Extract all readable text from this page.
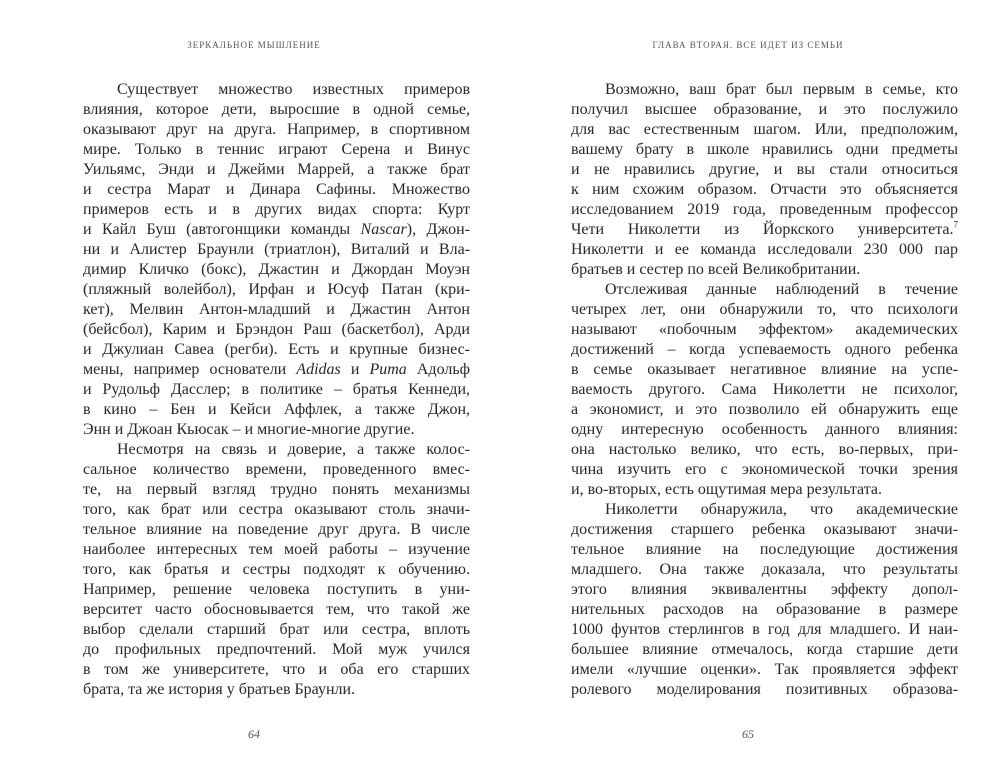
ЗЕРКАЛЬНОЕ МЫШЛЕНИЕ
Существует множество известных примеров
влияния, которое дети, выросшие в одной семье,
оказывают друг на друга. Например, в спортивном
мире. Только в теннис играют Серена и Винус
Уильямс, Энди и Джейми Маррей, а также брат
и сестра Марат и Динара Сафины. Множество
примеров есть и в других видах спорта: Курт
и Кайл Буш (автогонщики команды Nascar), Джон-
ни и Алистер Браунли (триатлон), Виталий и Вла-
димир Кличко (бокс), Джастин и Джордан Моуэн
(пляжный волейбол), Ирфан и Юсуф Патан (кри-
кет), Мелвин Антон-младший и Джастин Антон
(бейсбол), Карим и Брэндон Раш (баскетбол), Арди
и Джулиан Савеа (регби). Есть и крупные бизнес-
мены, например основатели Adidas и Puma Адольф
и Рудольф Дасслер; в политике – братья Кеннеди,
в кино – Бен и Кейси Аффлек, а также Джон,
Энн и Джоан Кьюсак – и многие-многие другие.
Несмотря на связь и доверие, а также колос-
сальное количество времени, проведенного вмес-
те, на первый взгляд трудно понять механизмы
того, как брат или сестра оказывают столь значи-
тельное влияние на поведение друг друга. В числе
наиболее интересных тем моей работы – изучение
того, как братья и сестры подходят к обучению.
Например, решение человека поступить в уни-
верситет часто обосновывается тем, что такой же
выбор сделали старший брат или сестра, вплоть
до профильных предпочтений. Мой муж учился
в том же университете, что и оба его старших
брата, та же история у братьев Браунли.
64
ГЛАВА ВТОРАЯ. ВСЕ ИДЕТ ИЗ СЕМЬИ
Возможно, ваш брат был первым в семье, кто
получил высшее образование, и это послужило
для вас естественным шагом. Или, предположим,
вашему брату в школе нравились одни предметы
и не нравились другие, и вы стали относиться
к ним схожим образом. Отчасти это объясняется
исследованием 2019 года, проведенным профессор
Чети Николетти из Йоркского университета.$^7$
Николетти и ее команда исследовали 230 000 пар
братьев и сестер по всей Великобритании.
Отслеживая данные наблюдений в течение
четырех лет, они обнаружили то, что психологи
называют «побочным эффектом» академических
достижений – когда успеваемость одного ребенка
в семье оказывает негативное влияние на успе-
ваемость другого. Сама Николетти не психолог,
а экономист, и это позволило ей обнаружить еще
одну интересную особенность данного влияния:
она настолько велико, что есть, во-первых, при-
чина изучить его с экономической точки зрения
и, во-вторых, есть ощутимая мера результата.
Николетти обнаружила, что академические
достижения старшего ребенка оказывают значи-
тельное влияние на последующие достижения
младшего. Она также доказала, что результаты
этого влияния эквивалентны эффекту допол-
нительных расходов на образование в размере
1000 фунтов стерлингов в год для младшего. И наи-
большее влияние отмечалось, когда старшие дети
имели «лучшие оценки». Так проявляется эффект
ролевого моделирования позитивных образова-
65
